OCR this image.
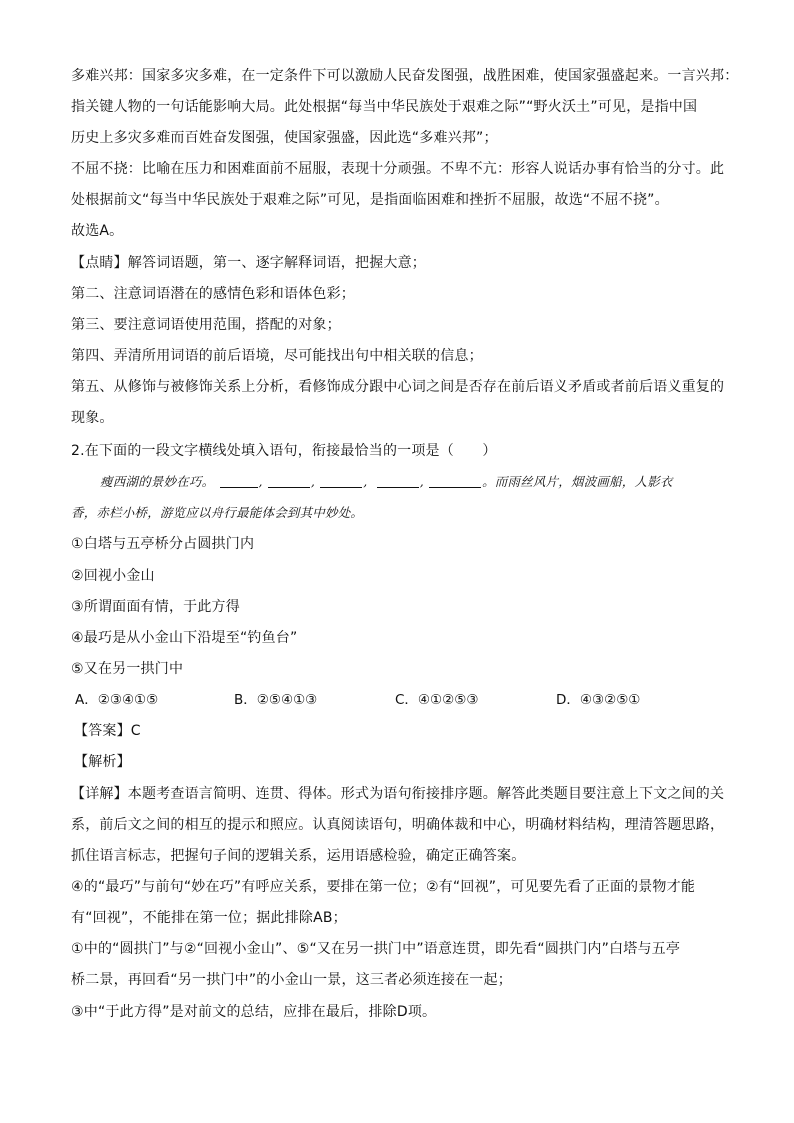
多难兴邦：国家多灾多难，在一定条件下可以激励人民奋发图强，战胜困难，使国家强盛起来。一言兴邦：
指关键人物的一句话能影响大局。此处根据“每当中华民族处于艰难之际”“野火沃土”可见，是指中国
历史上多灾多难而百姓奋发图强，使国家强盛，因此选“多难兴邦”；
不屈不挠：比喻在压力和困难面前不屈服，表现十分顽强。不卑不亢：形容人说话办事有恰当的分寸。此
处根据前文“每当中华民族处于艰难之际”可见，是指面临困难和挫折不屈服，故选“不屈不挠”。
故选A。
【点睛】解答词语题，第一、逐字解释词语，把握大意；
第二、注意词语潜在的感情色彩和语体色彩；
第三、要注意词语使用范围，搭配的对象；
第四、弄清所用词语的前后语境，尽可能找出句中相关联的信息；
第五、从修饰与被修饰关系上分析，看修饰成分跟中心词之间是否存在前后语义矛盾或者前后语义重复的
现象。
2.在下面的一段文字横线处填入语句，衔接最恰当的一项是（　　）
瘦西湖的景妙在巧。	,	,	,	,	。而雨丝风片，烟波画船，人影衣
香，赤栏小桥，游览应以舟行最能体会到其中妙处。
①白塔与五亭桥分占圆拱门内
②回视小金山
③所谓面面有情，于此方得
④最巧是从小金山下沿堤至“钓鱼台”
⑤又在另一拱门中
A．②③④①⑤	B．②⑤④①③	C．④①②⑤③	D．④③②⑤①
【答案】C
【解析】
【详解】本题考查语言简明、连贯、得体。形式为语句衔接排序题。解答此类题目要注意上下文之间的关
系，前后文之间的相互的提示和照应。认真阅读语句，明确体裁和中心，明确材料结构，理清答题思路，
抓住语言标志，把握句子间的逻辑关系，运用语感检验，确定正确答案。
④的“最巧”与前句“妙在巧”有呼应关系，要排在第一位；②有“回视”，可见要先看了正面的景物才能
有“回视”，不能排在第一位；据此排除AB；
①中的“圆拱门”与②“回视小金山”、⑤“又在另一拱门中”语意连贯，即先看“圆拱门内”白塔与五亭
桥二景，再回看“另一拱门中”的小金山一景，这三者必须连接在一起；
③中“于此方得”是对前文的总结，应排在最后，排除D项。
